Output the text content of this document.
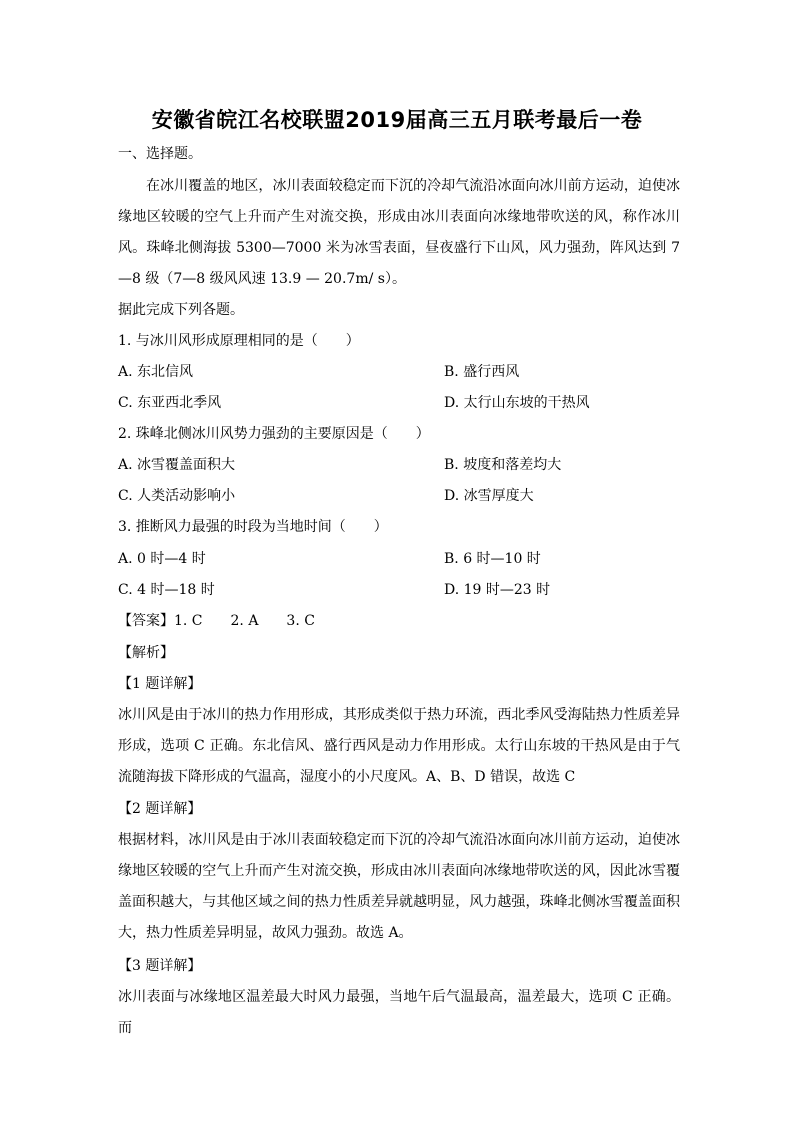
安徽省皖江名校联盟2019届高三五月联考最后一卷
一、选择题。
在冰川覆盖的地区，冰川表面较稳定而下沉的冷却气流沿冰面向冰川前方运动，迫使冰缘地区较暖的空气上升而产生对流交换，形成由冰川表面向冰缘地带吹送的风，称作冰川风。珠峰北侧海拔 5300—7000 米为冰雪表面，昼夜盛行下山风，风力强劲，阵风达到 7—8 级（7—8 级风风速 13.9 — 20.7m/ s）。
据此完成下列各题。
1. 与冰川风形成原理相同的是（　　）
A. 东北信风	B. 盛行西风
C. 东亚西北季风	D. 太行山东坡的干热风
2. 珠峰北侧冰川风势力强劲的主要原因是（　　）
A. 冰雪覆盖面积大	B. 坡度和落差均大
C. 人类活动影响小	D. 冰雪厚度大
3. 推断风力最强的时段为当地时间（　　）
A. 0 时—4 时	B. 6 时—10 时
C. 4 时—18 时	D. 19 时—23 时
【答案】1. C　　2. A　　3. C
【解析】
【1 题详解】
冰川风是由于冰川的热力作用形成，其形成类似于热力环流，西北季风受海陆热力性质差异形成，选项 C 正确。东北信风、盛行西风是动力作用形成。太行山东坡的干热风是由于气流随海拔下降形成的气温高，湿度小的小尺度风。A、B、D 错误，故选 C
【2 题详解】
根据材料，冰川风是由于冰川表面较稳定而下沉的冷却气流沿冰面向冰川前方运动，迫使冰缘地区较暖的空气上升而产生对流交换，形成由冰川表面向冰缘地带吹送的风，因此冰雪覆盖面积越大，与其他区域之间的热力性质差异就越明显，风力越强，珠峰北侧冰雪覆盖面积大，热力性质差异明显，故风力强劲。故选 A。
【3 题详解】
冰川表面与冰缘地区温差最大时风力最强，当地午后气温最高，温差最大，选项 C 正确。而
